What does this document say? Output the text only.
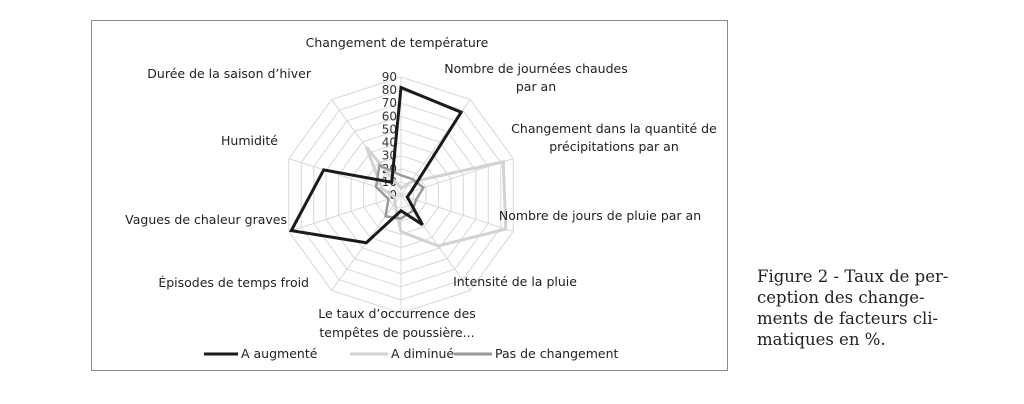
0
10
20
30
40
50
60
70
80
90
Changement de température
Nombre de journées chaudes
par an
Changement dans la quantité de
précipitations par an
Nombre de jours de pluie par an
Intensité de la pluie
Le taux d’occurrence des
tempêtes de poussière...
Épisodes de temps froid
Vagues de chaleur graves
Humidité
Durée de la saison d’hiver
A augmenté	A diminué	Pas de changement
Figure 2 - Taux de per-
ception des change-
ments de facteurs cli-
matiques en %.
